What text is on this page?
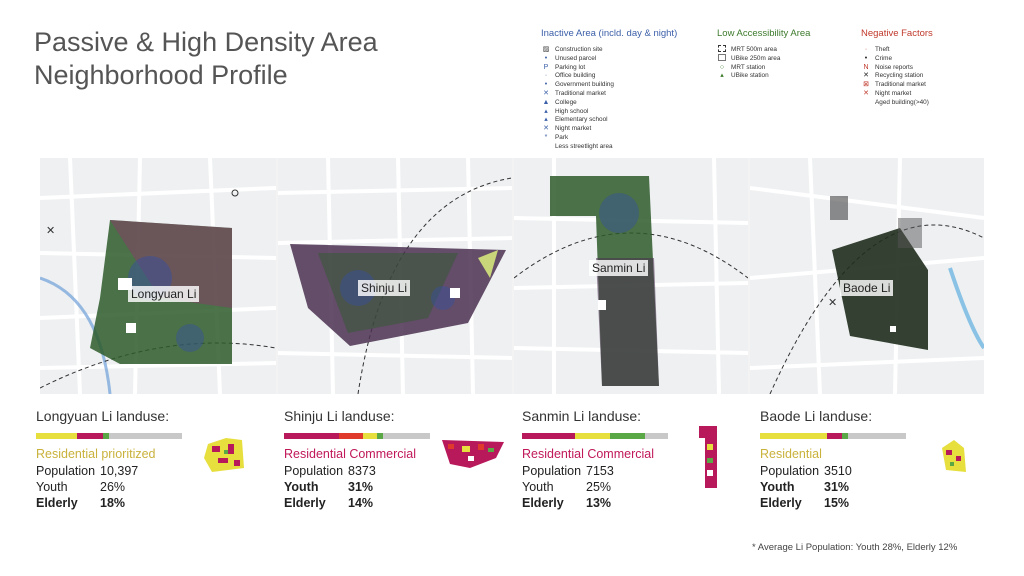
Passive & High Density Area
Neighborhood Profile
Inactive Area (incld. day & night)
▨ Construction site
•	Unused parcel
P	Parking lot
·	Office building
•	Government building
✕ Traditional market
▲ College
▴	High school
▴	Elementary school
✕ Night market
*	Park
Less streetlight area
Low Accessibility Area
MRT 500m area
UBike 250m area
○	MRT station
▴	UBike station
Negative Factors
·	Theft
•	Crime
N	Noise reports
✕ Recycling station
⊠ Traditional market
✕ Night market
Aged building(>40)
✕
Longyuan Li	Shinju Li
Sanmin Li
✕
Baode Li
Longyuan Li landuse:
Residential prioritized
Population 10,397
Youth	26%
Elderly 18%
Shinju Li landuse:
Residential Commercial
Population 8373
Youth 31%
Elderly 14%
Sanmin Li landuse:
Residential Commercial
Population 7153
Youth	25%
Elderly 13%
Baode Li landuse:
Residential
Population 3510
Youth 31%
Elderly 15%
* Average Li Population: Youth 28%, Elderly 12%
